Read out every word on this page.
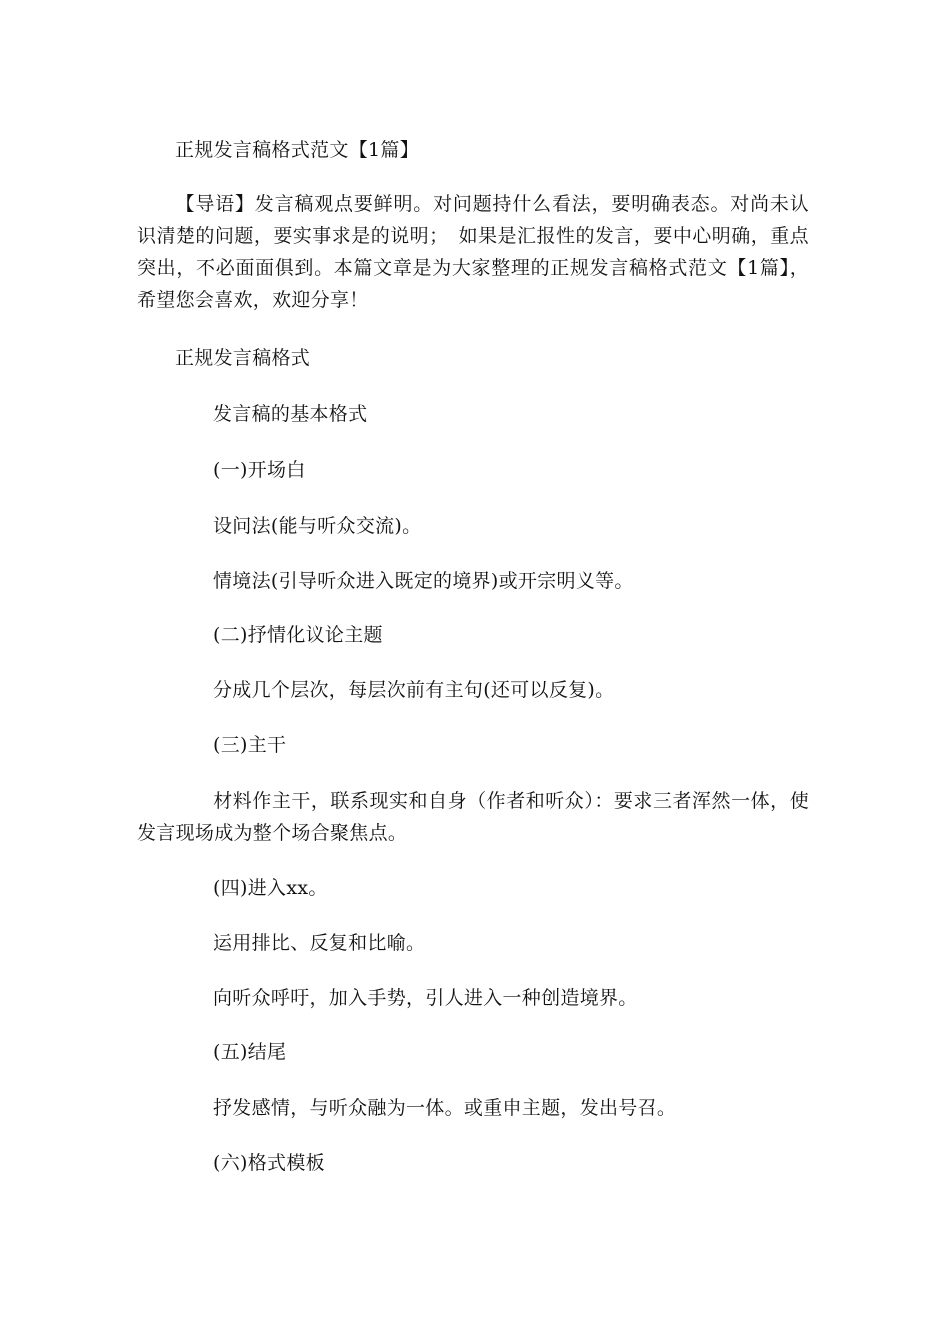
正规发言稿格式范文【1篇】
【导语】发言稿观点要鲜明。对问题持什么看法，要明确表态。对尚未认识清楚的问题，要实事求是的说明；　如果是汇报性的发言，要中心明确，重点突出，不必面面俱到。本篇文章是为大家整理的正规发言稿格式范文【1篇】，希望您会喜欢，欢迎分享！
正规发言稿格式
发言稿的基本格式
(一)开场白
设问法(能与听众交流)。
情境法(引导听众进入既定的境界)或开宗明义等。
(二)抒情化议论主题
分成几个层次，每层次前有主句(还可以反复)。
(三)主干
材料作主干，联系现实和自身（作者和听众）：要求三者浑然一体，使发言现场成为整个场合聚焦点。
(四)进入xx。
运用排比、反复和比喻。
向听众呼吁，加入手势，引人进入一种创造境界。
(五)结尾
抒发感情，与听众融为一体。或重申主题，发出号召。
(六)格式模板
